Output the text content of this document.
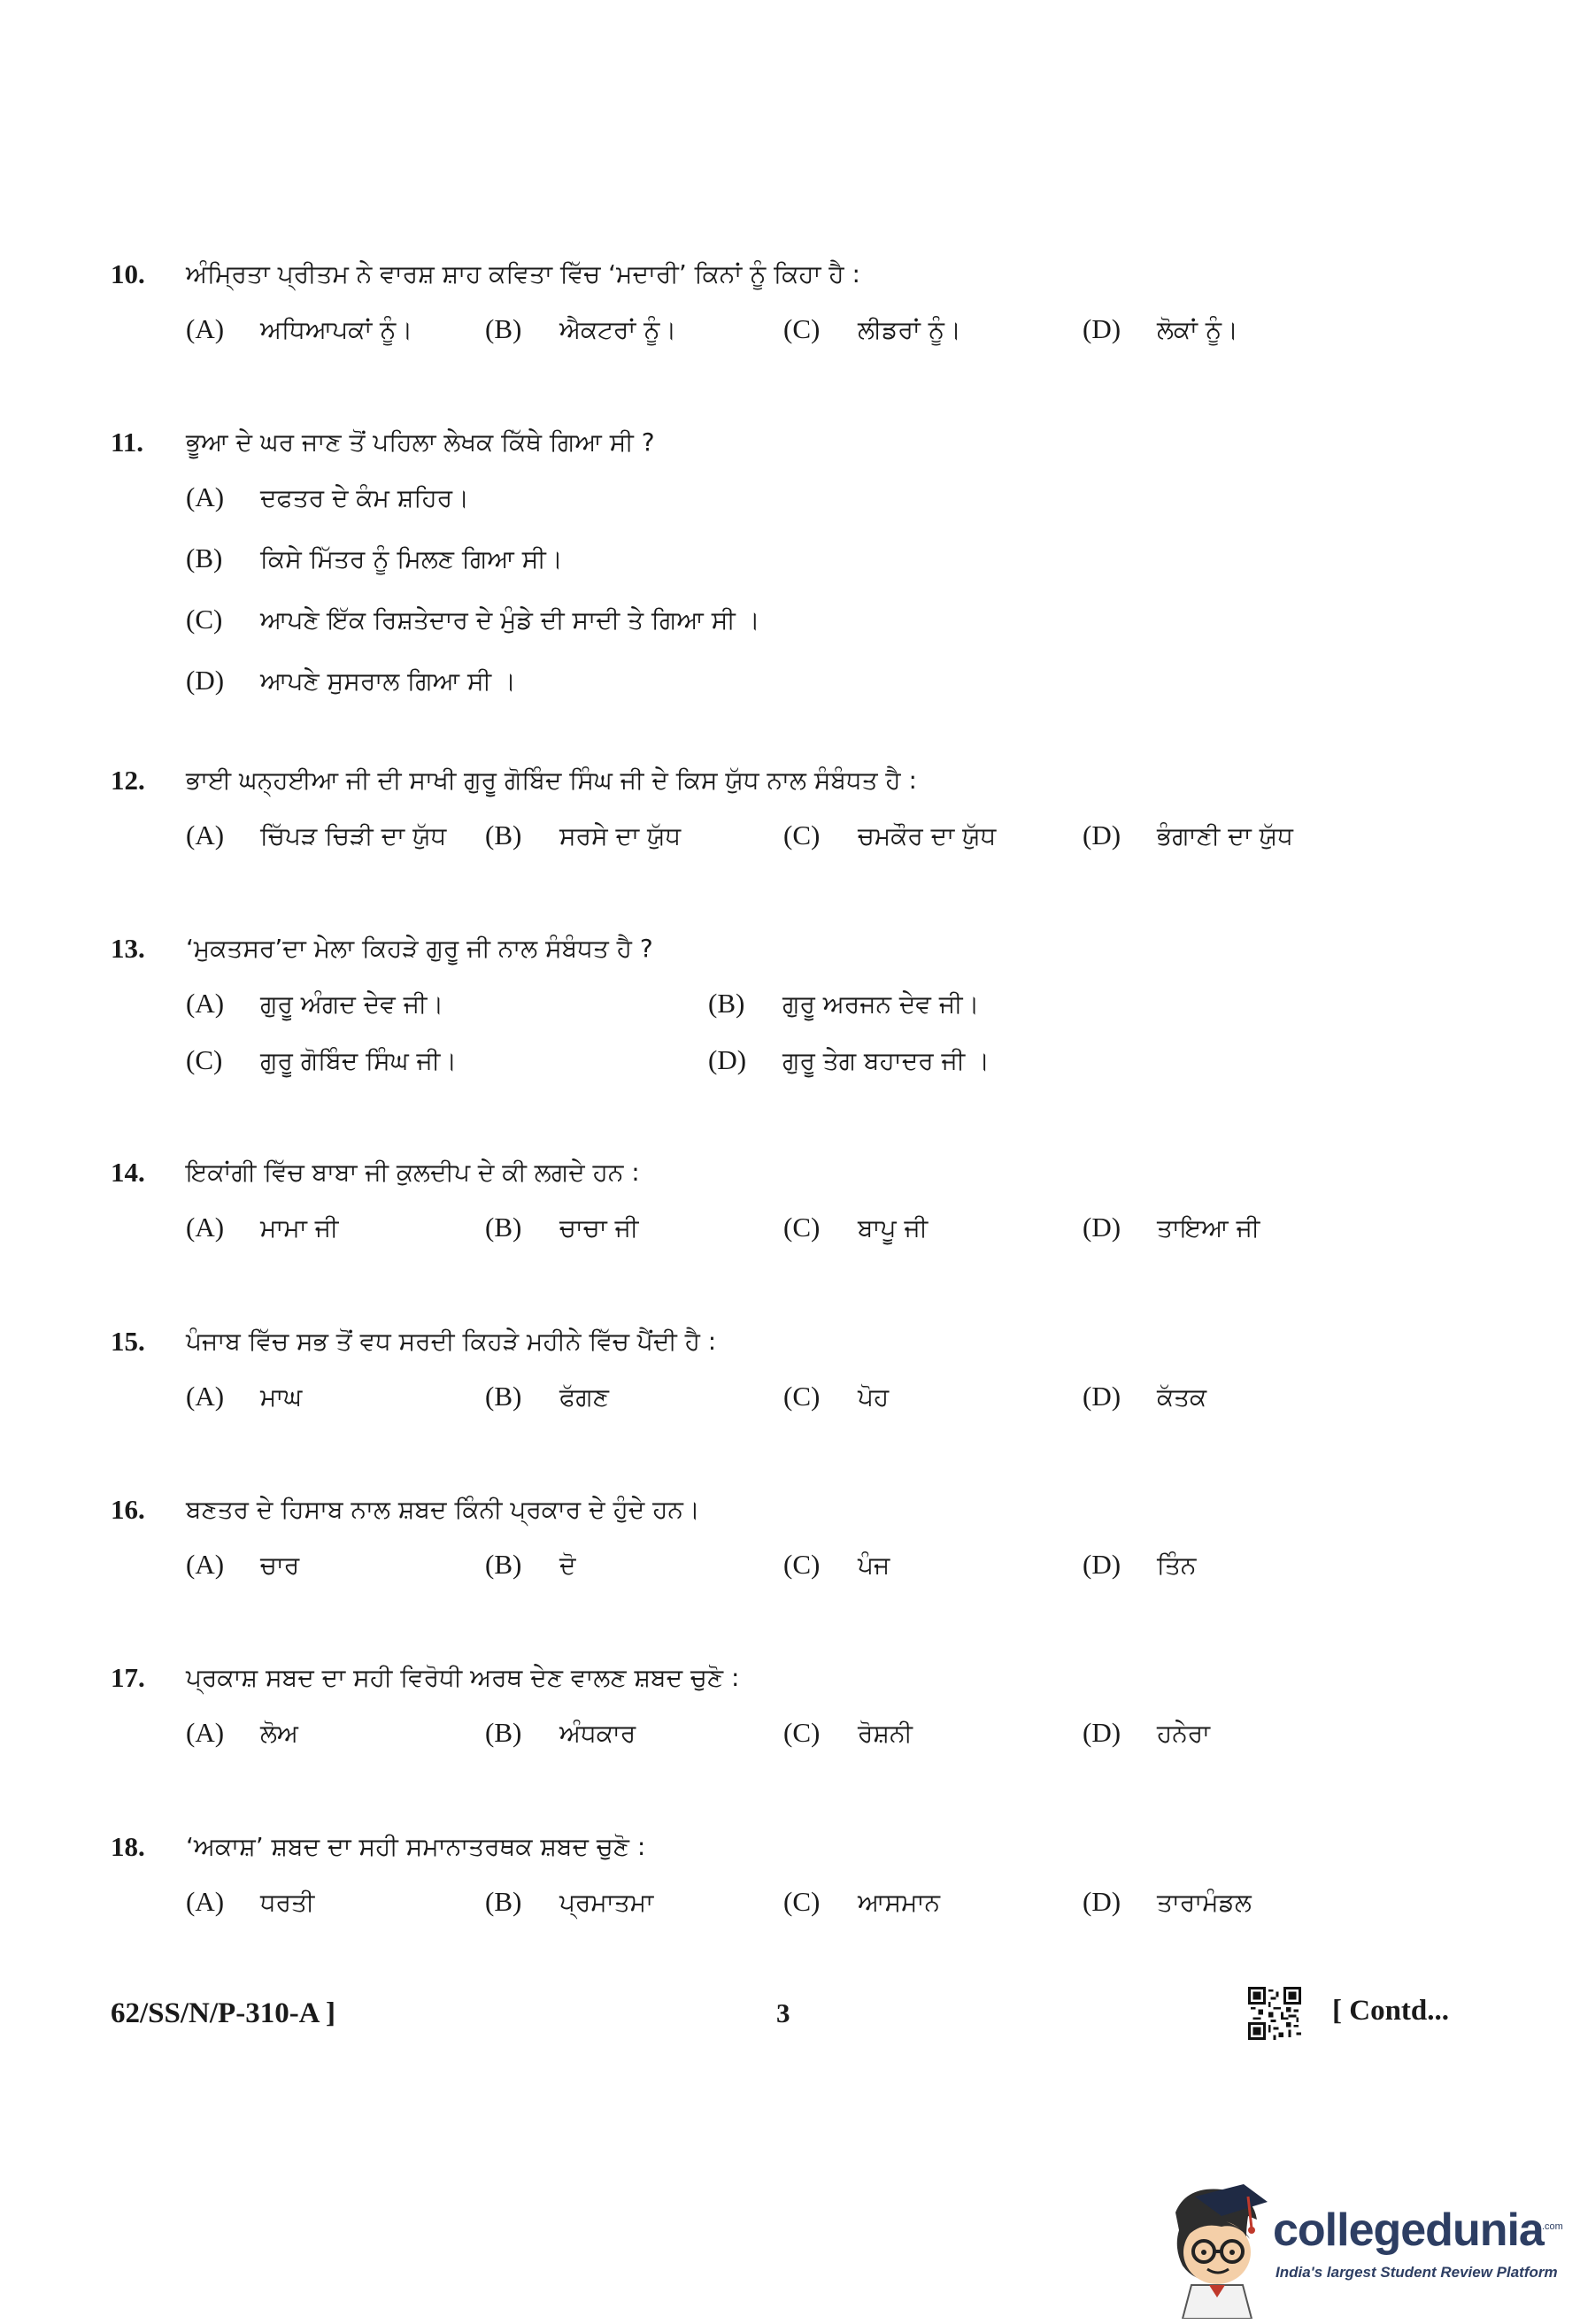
10. ਅੰਮ੍ਰਿਤਾ ਪ੍ਰੀਤਮ ਨੇ ਵਾਰਸ਼ ਸ਼ਾਹ ਕਵਿਤਾ ਵਿੱਚ ‘ਮਦਾਰੀ’ ਕਿਨਾਂ ਨੂੰ ਕਿਹਾ ਹੈ :
(A) ਅਧਿਆਪਕਾਂ ਨੂੰ।	(B) ਐਕਟਰਾਂ ਨੂੰ।	(C) ਲੀਡਰਾਂ ਨੂੰ।	(D) ਲੋਕਾਂ ਨੂੰ।
11. ਭੂਆ ਦੇ ਘਰ ਜਾਣ ਤੋਂ ਪਹਿਲਾ ਲੇਖਕ ਕਿੱਥੇ ਗਿਆ ਸੀ ?
(A) ਦਫਤਰ ਦੇ ਕੰਮ ਸ਼ਹਿਰ।
(B) ਕਿਸੇ ਮਿੱਤਰ ਨੂੰ ਮਿਲਣ ਗਿਆ ਸੀ।
(C) ਆਪਣੇ ਇੱਕ ਰਿਸ਼ਤੇਦਾਰ ਦੇ ਮੁੰਡੇ ਦੀ ਸਾਦੀ ਤੇ ਗਿਆ ਸੀ ।
(D) ਆਪਣੇ ਸੁਸਰਾਲ ਗਿਆ ਸੀ ।
12. ਭਾਈ ਘਨ੍ਹਈਆ ਜੀ ਦੀ ਸਾਖੀ ਗੁਰੂ ਗੋਬਿੰਦ ਸਿੰਘ ਜੀ ਦੇ ਕਿਸ ਯੁੱਧ ਨਾਲ ਸੰਬੰਧਤ ਹੈ :
(A) ਚਿੱਪੜ ਚਿੜੀ ਦਾ ਯੁੱਧ (B) ਸਰਸੇ ਦਾ ਯੁੱਧ	(C) ਚਮਕੌਰ ਦਾ ਯੁੱਧ	(D) ਭੰਗਾਣੀ ਦਾ ਯੁੱਧ
13. ‘ਮੁਕਤਸਰ’ਦਾ ਮੇਲਾ ਕਿਹੜੇ ਗੁਰੂ ਜੀ ਨਾਲ ਸੰਬੰਧਤ ਹੈ ?
(A) ਗੁਰੂ ਅੰਗਦ ਦੇਵ ਜੀ।	(B) ਗੁਰੂ ਅਰਜਨ ਦੇਵ ਜੀ।
(C) ਗੁਰੂ ਗੋਬਿੰਦ ਸਿੰਘ ਜੀ।	(D) ਗੁਰੂ ਤੇਗ ਬਹਾਦਰ ਜੀ ।
14. ਇਕਾਂਗੀ ਵਿੱਚ ਬਾਬਾ ਜੀ ਕੁਲਦੀਪ ਦੇ ਕੀ ਲਗਦੇ ਹਨ :
(A) ਮਾਮਾ ਜੀ	(B) ਚਾਚਾ ਜੀ	(C) ਬਾਪੂ ਜੀ	(D) ਤਾਇਆ ਜੀ
15. ਪੰਜਾਬ ਵਿੱਚ ਸਭ ਤੋਂ ਵਧ ਸਰਦੀ ਕਿਹੜੇ ਮਹੀਨੇ ਵਿੱਚ ਪੈਂਦੀ ਹੈ :
(A) ਮਾਘ	(B) ਫੱਗਣ	(C) ਪੋਹ	(D) ਕੱਤਕ
16. ਬਣਤਰ ਦੇ ਹਿਸਾਬ ਨਾਲ ਸ਼ਬਦ ਕਿੰਨੀ ਪ੍ਰਕਾਰ ਦੇ ਹੁੰਦੇ ਹਨ।
(A) ਚਾਰ	(B) ਦੋ	(C) ਪੰਜ	(D) ਤਿੰਨ
17. ਪ੍ਰਕਾਸ਼ ਸਬਦ ਦਾ ਸਹੀ ਵਿਰੋਧੀ ਅਰਥ ਦੇਣ ਵਾਲਣ ਸ਼ਬਦ ਚੁਣੋ :
(A) ਲੋਅ	(B) ਅੰਧਕਾਰ	(C) ਰੋਸ਼ਨੀ	(D) ਹਨੇਰਾ
18. ‘ਅਕਾਸ਼’ ਸ਼ਬਦ ਦਾ ਸਹੀ ਸਮਾਨਾਤਰਥਕ ਸ਼ਬਦ ਚੁਣੋ :
(A) ਧਰਤੀ	(B) ਪ੍ਰਮਾਤਮਾ	(C) ਆਸਮਾਨ	(D) ਤਾਰਾਮੰਡਲ
62/SS/N/P-310-A ]	3	[ Contd...
collegedunia
.com
India's largest Student Review Platform
